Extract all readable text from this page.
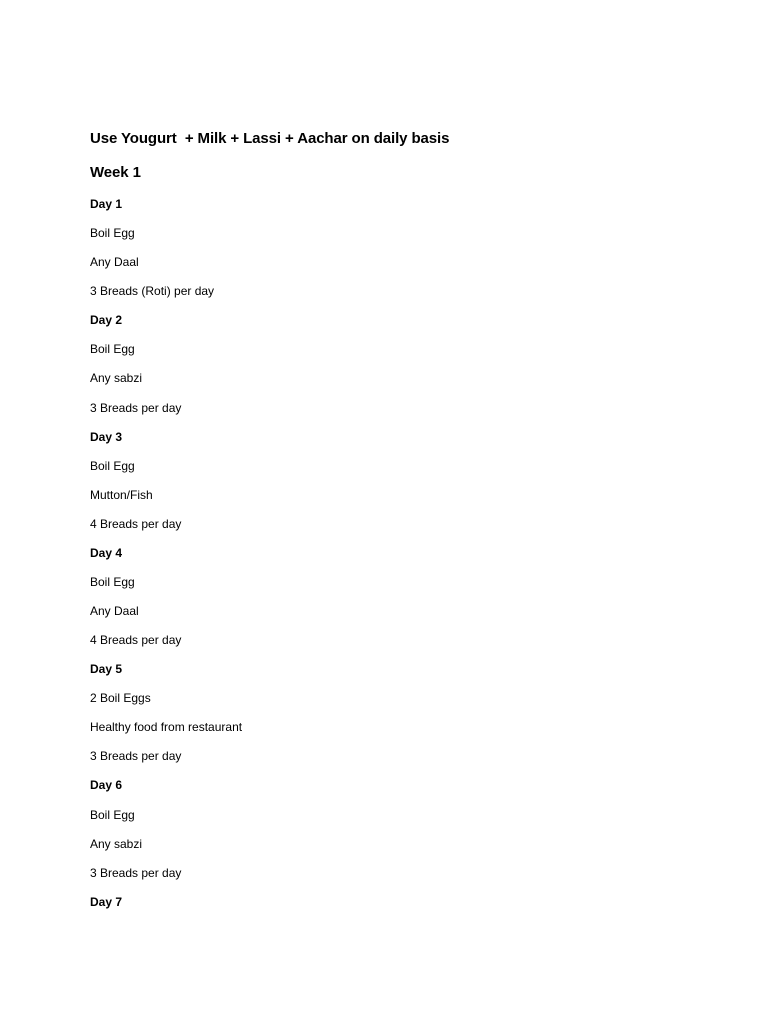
Use Yougurt  + Milk + Lassi + Aachar on daily basis
Week 1
Day 1
Boil Egg
Any Daal
3 Breads (Roti) per day
Day 2
Boil Egg
Any sabzi
3 Breads per day
Day 3
Boil Egg
Mutton/Fish
4 Breads per day
Day 4
Boil Egg
Any Daal
4 Breads per day
Day 5
2 Boil Eggs
Healthy food from restaurant
3 Breads per day
Day 6
Boil Egg
Any sabzi
3 Breads per day
Day 7
